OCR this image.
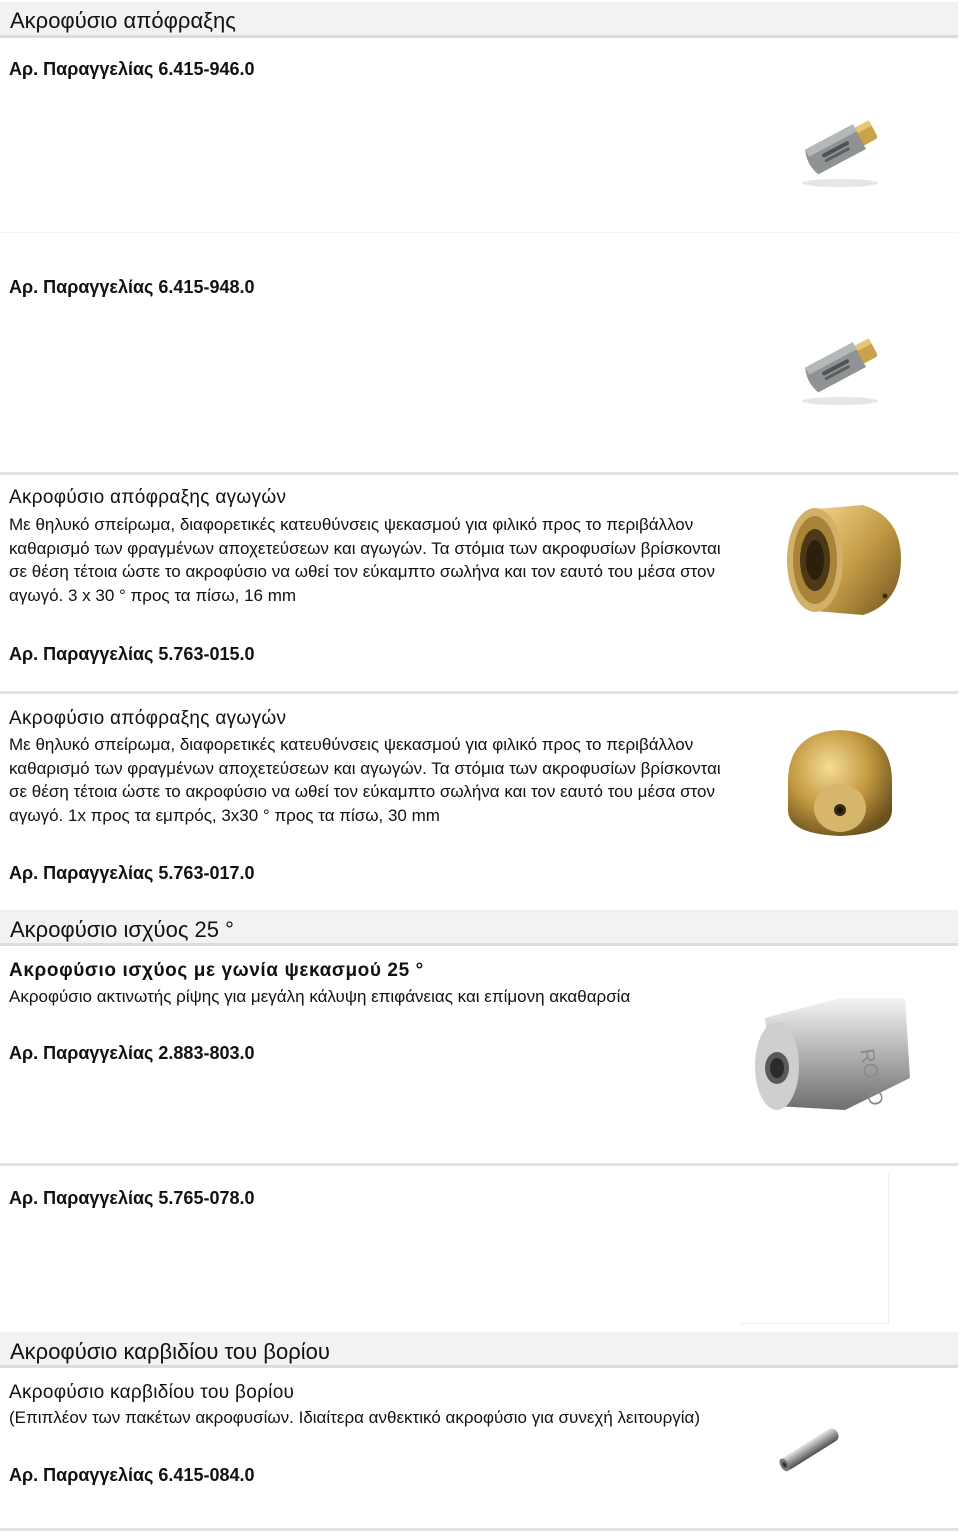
Ακροφύσιο απόφραξης
Αρ. Παραγγελίας 6.415-946.0
Αρ. Παραγγελίας 6.415-948.0
Ακροφύσιο απόφραξης αγωγών
Με θηλυκό σπείρωμα, διαφορετικές κατευθύνσεις ψεκασμού για φιλικό προς το περιβάλλον καθαρισμό των φραγμένων αποχετεύσεων και αγωγών. Τα στόμια των ακροφυσίων βρίσκονται σε θέση τέτοια ώστε το ακροφύσιο να ωθεί τον εύκαμπτο σωλήνα και τον εαυτό του μέσα στον αγωγό. 3 x 30 ° προς τα πίσω, 16 mm
Αρ. Παραγγελίας 5.763-015.0
Ακροφύσιο απόφραξης αγωγών
Με θηλυκό σπείρωμα, διαφορετικές κατευθύνσεις ψεκασμού για φιλικό προς το περιβάλλον καθαρισμό των φραγμένων αποχετεύσεων και αγωγών. Τα στόμια των ακροφυσίων βρίσκονται σε θέση τέτοια ώστε το ακροφύσιο να ωθεί τον εύκαμπτο σωλήνα και τον εαυτό του μέσα στον αγωγό. 1x προς τα εμπρός, 3x30 ° προς τα πίσω, 30 mm
Αρ. Παραγγελίας 5.763-017.0
Ακροφύσιο ισχύος 25 °
Ακροφύσιο ισχύος με γωνία ψεκασμού 25 °
Ακροφύσιο ακτινωτής ρίψης για μεγάλη κάλυψη επιφάνειας και επίμονη ακαθαρσία
Αρ. Παραγγελίας 2.883-803.0	ROTO
Αρ. Παραγγελίας 5.765-078.0
Ακροφύσιο καρβιδίου του βορίου
Ακροφύσιο καρβιδίου του βορίου
(Επιπλέον των πακέτων ακροφυσίων. Ιδιαίτερα ανθεκτικό ακροφύσιο για συνεχή λειτουργία)
Αρ. Παραγγελίας 6.415-084.0
